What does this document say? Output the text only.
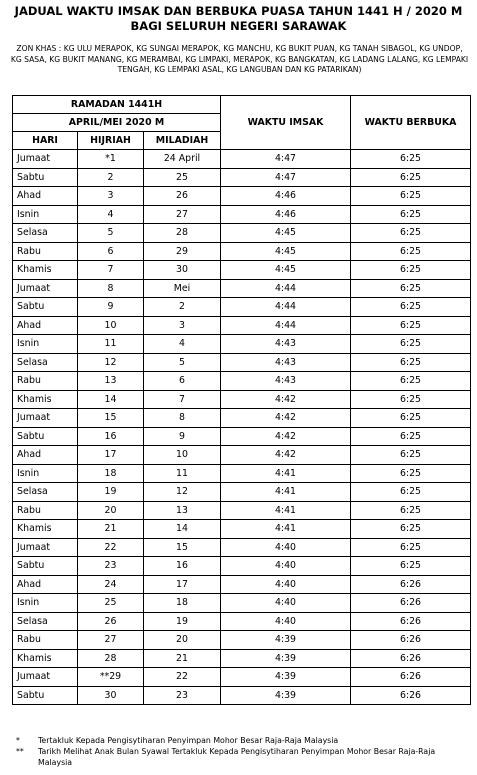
JADUAL WAKTU IMSAK DAN BERBUKA PUASA TAHUN 1441 H / 2020 M
BAGI SELURUH NEGERI SARAWAK
ZON KHAS : KG ULU MERAPOK, KG SUNGAI MERAPOK, KG MANCHU, KG BUKIT PUAN, KG TANAH SIBAGOL, KG UNDOP, KG SASA, KG BUKIT MANANG, KG MERAMBAI, KG LIMPAKI, MERAPOK, KG BANGKATAN, KG LADANG LALANG, KG LEMPAKI TENGAH, KG LEMPAKI ASAL, KG LANGUBAN DAN KG PATARIKAN)
RAMADAN 1441H			WAKTU IMSAK	WAKTU BERBUKA
APRIL/MEI 2020 M				
HARI	HIJRIAH	MILADIAH		
Jumaat	*1	24 April	4:47	6:25
Sabtu	2	25	4:47	6:25
Ahad	3	26	4:46	6:25
Isnin	4	27	4:46	6:25
Selasa	5	28	4:45	6:25
Rabu	6	29	4:45	6:25
Khamis	7	30	4:45	6:25
Jumaat	8	Mei	4:44	6:25
Sabtu	9	2	4:44	6:25
Ahad	10	3	4:44	6:25
Isnin	11	4	4:43	6:25
Selasa	12	5	4:43	6:25
Rabu	13	6	4:43	6:25
Khamis	14	7	4:42	6:25
Jumaat	15	8	4:42	6:25
Sabtu	16	9	4:42	6:25
Ahad	17	10	4:42	6:25
Isnin	18	11	4:41	6:25
Selasa	19	12	4:41	6:25
Rabu	20	13	4:41	6:25
Khamis	21	14	4:41	6:25
Jumaat	22	15	4:40	6:25
Sabtu	23	16	4:40	6:25
Ahad	24	17	4:40	6:26
Isnin	25	18	4:40	6:26
Selasa	26	19	4:40	6:26
Rabu	27	20	4:39	6:26
Khamis	28	21	4:39	6:26
Jumaat	**29	22	4:39	6:26
Sabtu	30	23	4:39	6:26
*	Tertakluk Kepada Pengisytiharan Penyimpan Mohor Besar Raja-Raja Malaysia
**	Tarikh Melihat Anak Bulan Syawal Tertakluk Kepada Pengisytiharan Penyimpan Mohor Besar Raja-Raja Malaysia
